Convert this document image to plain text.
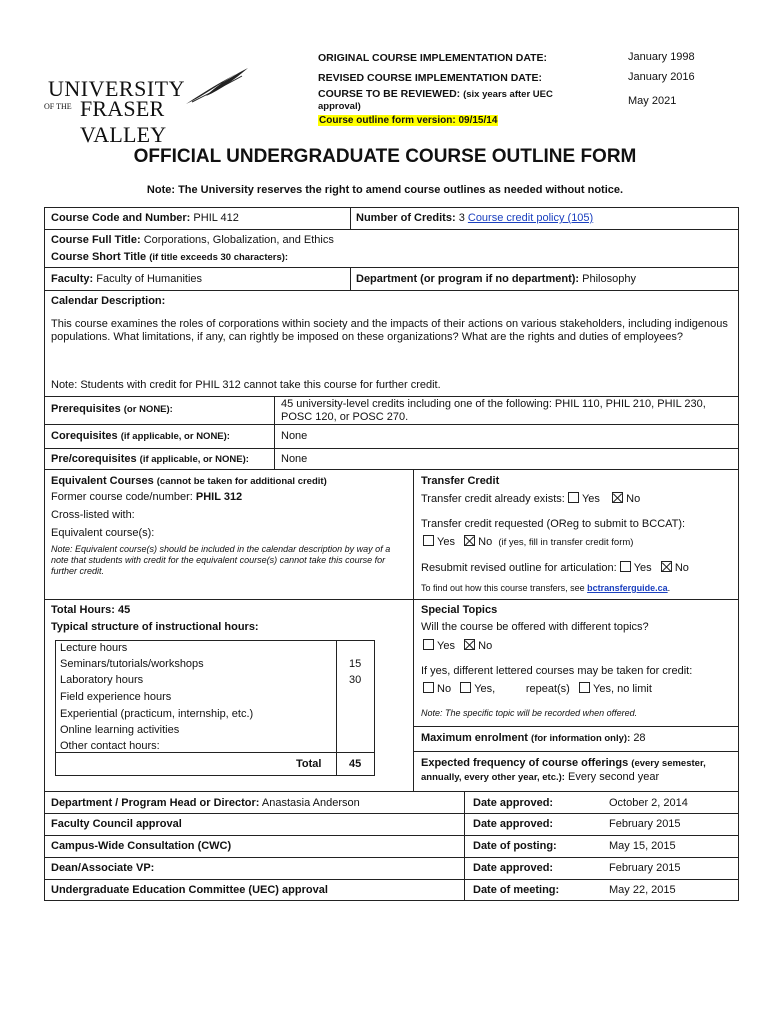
UNIVERSITY
OF THE FRASER VALLEY
ORIGINAL COURSE IMPLEMENTATION DATE:	January 1998
REVISED COURSE IMPLEMENTATION DATE:	January 2016
COURSE TO BE REVIEWED: (six years after UEC
approval)	May 2021
Course outline form version: 09/15/14
OFFICIAL UNDERGRADUATE COURSE OUTLINE FORM
Note: The University reserves the right to amend course outlines as needed without notice.
Course Code and Number: PHIL 412	Number of Credits: 3 Course credit policy (105)
Course Full Title: Corporations, Globalization, and Ethics
Course Short Title (if title exceeds 30 characters):
Faculty: Faculty of Humanities	Department (or program if no department): Philosophy
Calendar Description:
This course examines the roles of corporations within society and the impacts of their actions on various stakeholders, including indigenous populations. What limitations, if any, can rightly be imposed on these organizations? What are the rights and duties of employees?
Note: Students with credit for PHIL 312 cannot take this course for further credit.
Prerequisites (or NONE):	45 university-level credits including one of the following: PHIL 110, PHIL 210, PHIL 230, POSC 120, or POSC 270.
Corequisites (if applicable, or NONE):	None
Pre/corequisites (if applicable, or NONE):	None
Equivalent Courses (cannot be taken for additional credit)
Former course code/number: PHIL 312
Cross-listed with:
Equivalent course(s):
Note: Equivalent course(s) should be included in the calendar description by way of a note that students with credit for the equivalent course(s) cannot take this course for further credit.
Transfer Credit
Transfer credit already exists: Yes No
Transfer credit requested (OReg to submit to BCCAT):
Yes No (if yes, fill in transfer credit form)
Resubmit revised outline for articulation: Yes No
To find out how this course transfers, see bctransferguide.ca.
Total Hours: 45
Typical structure of instructional hours:
Lecture hours
Seminars/tutorials/workshops	15
Laboratory hours	30
Field experience hours
Experiential (practicum, internship, etc.)
Online learning activities
Other contact hours:
Total	45
Special Topics
Will the course be offered with different topics?
Yes No
If yes, different lettered courses may be taken for credit:
No Yes,	repeat(s) Yes, no limit
Note: The specific topic will be recorded when offered.
Maximum enrolment (for information only): 28
Expected frequency of course offerings (every semester,
annually, every other year, etc.): Every second year
Department / Program Head or Director: Anastasia Anderson	Date approved:	October 2, 2014
Faculty Council approval	Date approved:	February 2015
Campus-Wide Consultation (CWC)	Date of posting:	May 15, 2015
Dean/Associate VP:	Date approved:	February 2015
Undergraduate Education Committee (UEC) approval	Date of meeting:	May 22, 2015
